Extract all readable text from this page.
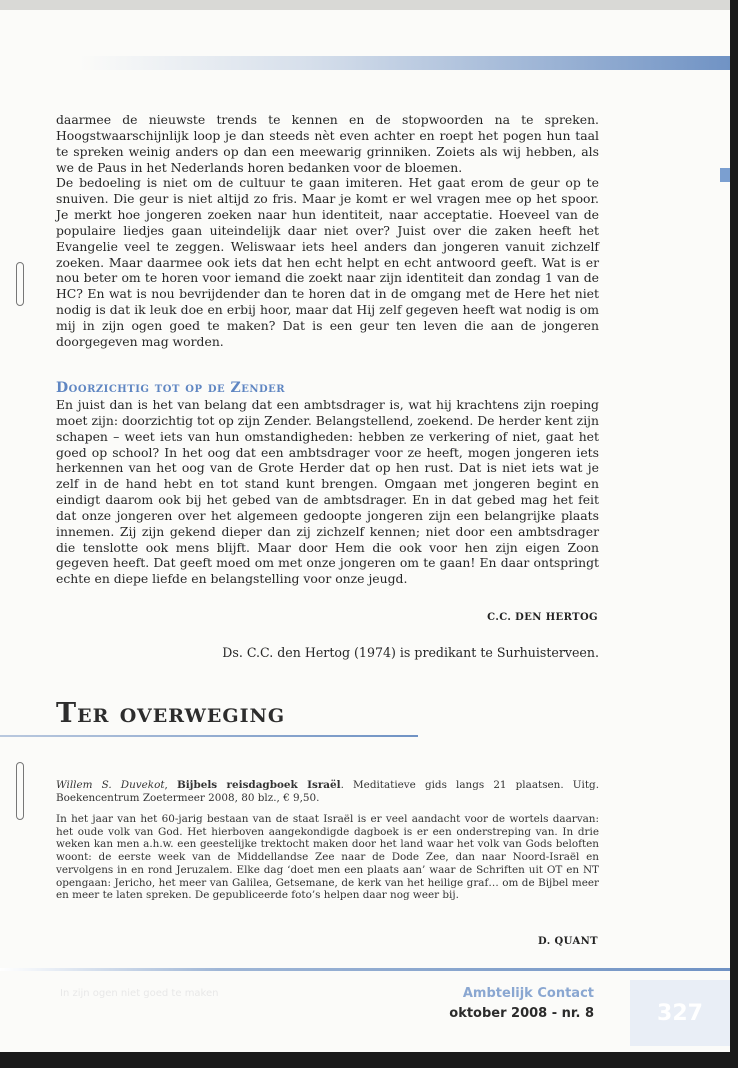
daarmee de nieuwste trends te kennen en de stopwoorden na te spreken. Hoogstwaarschijnlijk loop je dan steeds nèt even achter en roept het pogen hun taal te spreken weinig anders op dan een meewarig grinniken. Zoiets als wij hebben, als we de Paus in het Nederlands horen bedanken voor de bloemen.

De bedoeling is niet om de cultuur te gaan imiteren. Het gaat erom de geur op te snuiven. Die geur is niet altijd zo fris. Maar je komt er wel vragen mee op het spoor. Je merkt hoe jongeren zoeken naar hun identiteit, naar acceptatie. Hoeveel van de populaire liedjes gaan uiteindelijk daar niet over? Juist over die zaken heeft het Evangelie veel te zeggen. Weliswaar iets heel anders dan jongeren vanuit zichzelf zoeken. Maar daarmee ook iets dat hen echt helpt en echt antwoord geeft. Wat is er nou beter om te horen voor iemand die zoekt naar zijn identiteit dan zondag 1 van de HC? En wat is nou bevrijdender dan te horen dat in de omgang met de Here het niet nodig is dat ik leuk doe en erbij hoor, maar dat Hij zelf gegeven heeft wat nodig is om mij in zijn ogen goed te maken? Dat is een geur ten leven die aan de jongeren doorgegeven mag worden.

Doorzichtig tot op de Zender

En juist dan is het van belang dat een ambtsdrager is, wat hij krachtens zijn roeping moet zijn: doorzichtig tot op zijn Zender. Belangstellend, zoekend. De herder kent zijn schapen – weet iets van hun omstandigheden: hebben ze verkering of niet, gaat het goed op school? In het oog dat een ambtsdrager voor ze heeft, mogen jongeren iets herkennen van het oog van de Grote Herder dat op hen rust. Dat is niet iets wat je zelf in de hand hebt en tot stand kunt brengen. Omgaan met jongeren begint en eindigt daarom ook bij het gebed van de ambtsdrager. En in dat gebed mag het feit dat onze jongeren over het algemeen gedoopte jongeren zijn een belangrijke plaats innemen. Zij zijn gekend dieper dan zij zichzelf kennen; niet door een ambtsdrager die tenslotte ook mens blijft. Maar door Hem die ook voor hen zijn eigen Zoon gegeven heeft. Dat geeft moed om met onze jongeren om te gaan! En daar ontspringt echte en diepe liefde en belangstelling voor onze jeugd.

C.C. DEN HERTOG

Ds. C.C. den Hertog (1974) is predikant te Surhuisterveen.

Ter overweging

Willem S. Duvekot, Bijbels reisdagboek Israël. Meditatieve gids langs 21 plaatsen. Uitg. Boekencentrum Zoetermeer 2008, 80 blz., € 9,50.

In het jaar van het 60-jarig bestaan van de staat Israël is er veel aandacht voor de wortels daarvan: het oude volk van God. Het hierboven aangekondigde dagboek is er een onderstreping van. In drie weken kan men a.h.w. een geestelijke trektocht maken door het land waar het volk van Gods beloften woont: de eerste week van de Middellandse Zee naar de Dode Zee, dan naar Noord-Israël en vervolgens in en rond Jeruzalem. Elke dag ‘doet men een plaats aan’ waar de Schriften uit OT en NT opengaan: Jericho, het meer van Galilea, Getsemane, de kerk van het heilige graf… om de Bijbel meer en meer te laten spreken. De gepubliceerde foto’s helpen daar nog weer bij.

D. QUANT

In zijn ogen niet goed te maken	Ambtelijk Contact

oktober 2008 - nr. 8	327
